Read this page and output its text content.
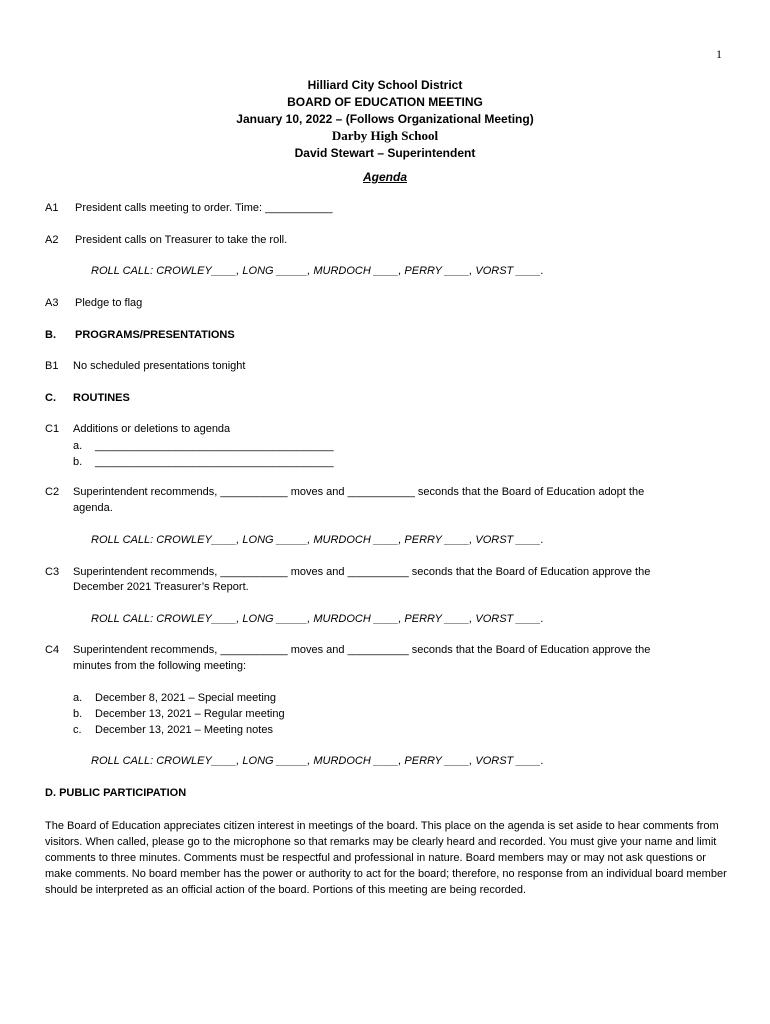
1
Hilliard City School District
BOARD OF EDUCATION MEETING
January 10, 2022 – (Follows Organizational Meeting)
Darby High School
David Stewart – Superintendent
Agenda
A1 President calls meeting to order. Time: ___________
A2 President calls on Treasurer to take the roll.
ROLL CALL: CROWLEY____, LONG _____, MURDOCH ____, PERRY ____, VORST ____.
A3 Pledge to flag
B. PROGRAMS/PRESENTATIONS
B1 No scheduled presentations tonight
C. ROUTINES
C1 Additions or deletions to agenda
a. _______________________________________
b. _______________________________________
C2 Superintendent recommends, ___________ moves and ___________ seconds that the Board of Education adopt the
agenda.
ROLL CALL: CROWLEY____, LONG _____, MURDOCH ____, PERRY ____, VORST ____.
C3 Superintendent recommends, ___________ moves and __________ seconds that the Board of Education approve the
December 2021 Treasurer’s Report.
ROLL CALL: CROWLEY____, LONG _____, MURDOCH ____, PERRY ____, VORST ____.
C4 Superintendent recommends, ___________ moves and __________ seconds that the Board of Education approve the
minutes from the following meeting:
a. December 8, 2021 – Special meeting
b. December 13, 2021 – Regular meeting
c. December 13, 2021 – Meeting notes
ROLL CALL: CROWLEY____, LONG _____, MURDOCH ____, PERRY ____, VORST ____.
D. PUBLIC PARTICIPATION
The Board of Education appreciates citizen interest in meetings of the board. This place on the agenda is set aside to hear comments from visitors. When called, please go to the microphone so that remarks may be clearly heard and recorded. You must give your name and limit comments to three minutes. Comments must be respectful and professional in nature. Board members may or may not ask questions or make comments. No board member has the power or authority to act for the board; therefore, no response from an individual board member should be interpreted as an official action of the board. Portions of this meeting are being recorded.
